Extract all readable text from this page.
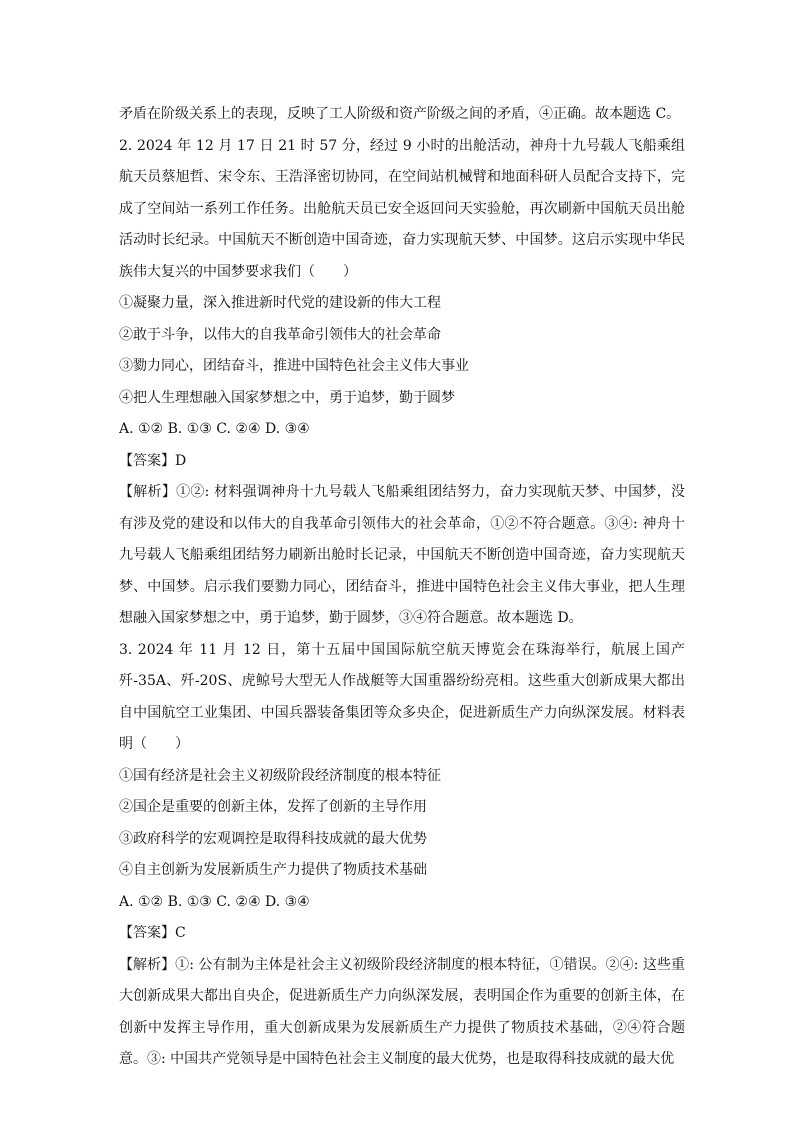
矛盾在阶级关系上的表现，反映了工人阶级和资产阶级之间的矛盾，④正确。故本题选 C。

2. 2024 年 12 月 17 日 21 时 57 分，经过 9 小时的出舱活动，神舟十九号载人飞船乘组航天员蔡旭哲、宋令东、王浩泽密切协同，在空间站机械臂和地面科研人员配合支持下，完成了空间站一系列工作任务。出舱航天员已安全返回问天实验舱，再次刷新中国航天员出舱活动时长纪录。中国航天不断创造中国奇迹，奋力实现航天梦、中国梦。这启示实现中华民族伟大复兴的中国梦要求我们（　　）

①凝聚力量，深入推进新时代党的建设新的伟大工程

②敢于斗争，以伟大的自我革命引领伟大的社会革命

③勠力同心，团结奋斗，推进中国特色社会主义伟大事业

④把人生理想融入国家梦想之中，勇于追梦，勤于圆梦

A. ①② B. ①③ C. ②④ D. ③④

【答案】D

【解析】①②: 材料强调神舟十九号载人飞船乘组团结努力，奋力实现航天梦、中国梦，没有涉及党的建设和以伟大的自我革命引领伟大的社会革命，①②不符合题意。③④: 神舟十九号载人飞船乘组团结努力刷新出舱时长记录，中国航天不断创造中国奇迹，奋力实现航天梦、中国梦。启示我们要勠力同心，团结奋斗，推进中国特色社会主义伟大事业，把人生理想融入国家梦想之中，勇于追梦，勤于圆梦，③④符合题意。故本题选 D。

3. 2024 年 11 月 12 日，第十五届中国国际航空航天博览会在珠海举行，航展上国产歼-35A、歼-20S、虎鲸号大型无人作战艇等大国重器纷纷亮相。这些重大创新成果大都出自中国航空工业集团、中国兵器装备集团等众多央企，促进新质生产力向纵深发展。材料表明（　　）

①国有经济是社会主义初级阶段经济制度的根本特征

②国企是重要的创新主体，发挥了创新的主导作用

③政府科学的宏观调控是取得科技成就的最大优势

④自主创新为发展新质生产力提供了物质技术基础

A. ①② B. ①③ C. ②④ D. ③④

【答案】C

【解析】①: 公有制为主体是社会主义初级阶段经济制度的根本特征，①错误。②④: 这些重大创新成果大都出自央企，促进新质生产力向纵深发展，表明国企作为重要的创新主体，在创新中发挥主导作用，重大创新成果为发展新质生产力提供了物质技术基础，②④符合题意。③: 中国共产党领导是中国特色社会主义制度的最大优势，也是取得科技成就的最大优
